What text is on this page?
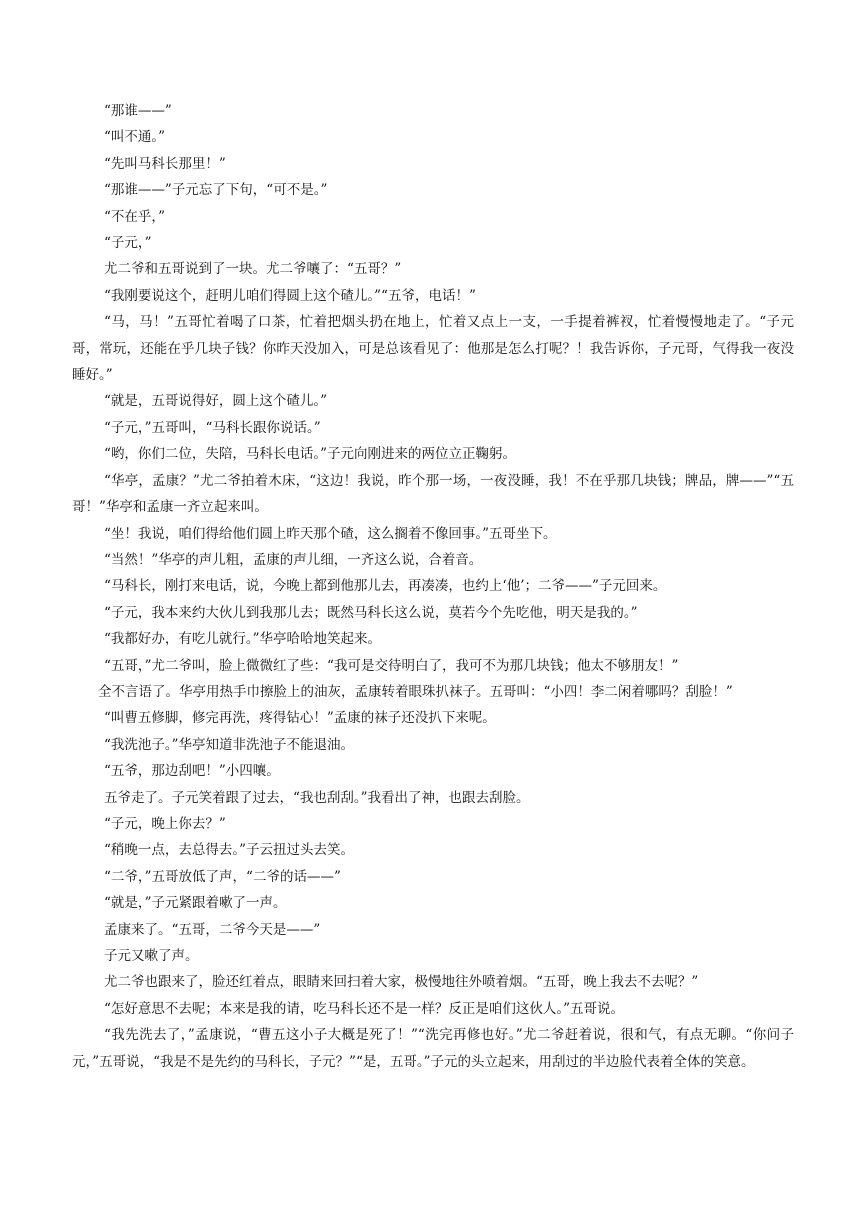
“那谁——”

“叫不通。”

“先叫马科长那里！”

“那谁——”子元忘了下句，“可不是。”

“不在乎，”

“子元，”

尤二爷和五哥说到了一块。尤二爷嚷了：“五哥？”

“我刚要说这个，赶明儿咱们得圆上这个碴儿。”“五爷，电话！”

“马，马！”五哥忙着喝了口茶，忙着把烟头扔在地上，忙着又点上一支，一手提着裤衩，忙着慢慢地走了。“子元哥，常玩，还能在乎几块子钱？你昨天没加入，可是总该看见了：他那是怎么打呢？！我告诉你，子元哥，气得我一夜没睡好。”

“就是，五哥说得好，圆上这个碴儿。”

“子元，”五哥叫，“马科长跟你说话。”

“哟，你们二位，失陪，马科长电话。”子元向刚进来的两位立正鞠躬。

“华亭，孟康？”尤二爷拍着木床，“这边！我说，昨个那一场，一夜没睡，我！不在乎那几块钱；牌品，牌——”“五哥！”华亭和孟康一齐立起来叫。

“坐！我说，咱们得给他们圆上昨天那个碴，这么搁着不像回事。”五哥坐下。

“当然！”华亭的声儿粗，孟康的声儿细，一齐这么说，合着音。

“马科长，刚打来电话，说，今晚上都到他那儿去，再凑凑，也约上‘他’；二爷——”子元回来。

“子元，我本来约大伙儿到我那儿去；既然马科长这么说，莫若今个先吃他，明天是我的。”

“我都好办，有吃儿就行。”华亭哈哈地笑起来。

“五哥，”尤二爷叫，脸上微微红了些：“我可是交待明白了，我可不为那几块钱；他太不够朋友！”

全不言语了。华亭用热手巾擦脸上的油灰，孟康转着眼珠扒袜子。五哥叫：“小四！李二闲着哪吗？刮脸！”

“叫曹五修脚，修完再洗，疼得钻心！”孟康的袜子还没扒下来呢。

“我洗池子。”华亭知道非洗池子不能退油。

“五爷，那边刮吧！”小四嚷。

五爷走了。子元笑着跟了过去，“我也刮刮。”我看出了神，也跟去刮脸。

“子元，晚上你去？”

“稍晚一点，去总得去。”子云扭过头去笑。

“二爷，”五哥放低了声，“二爷的话——”

“就是，”子元紧跟着嗽了一声。

孟康来了。“五哥，二爷今天是——”

子元又嗽了声。

尤二爷也跟来了，脸还红着点，眼睛来回扫着大家，极慢地往外喷着烟。“五哥，晚上我去不去呢？”

“怎好意思不去呢；本来是我的请，吃马科长还不是一样？反正是咱们这伙人。”五哥说。

“我先洗去了，”孟康说，“曹五这小子大概是死了！”“洗完再修也好。”尤二爷赶着说，很和气，有点无聊。“你问子元，”五哥说，“我是不是先约的马科长，子元？”“是，五哥。”子元的头立起来，用刮过的半边脸代表着全体的笑意。
